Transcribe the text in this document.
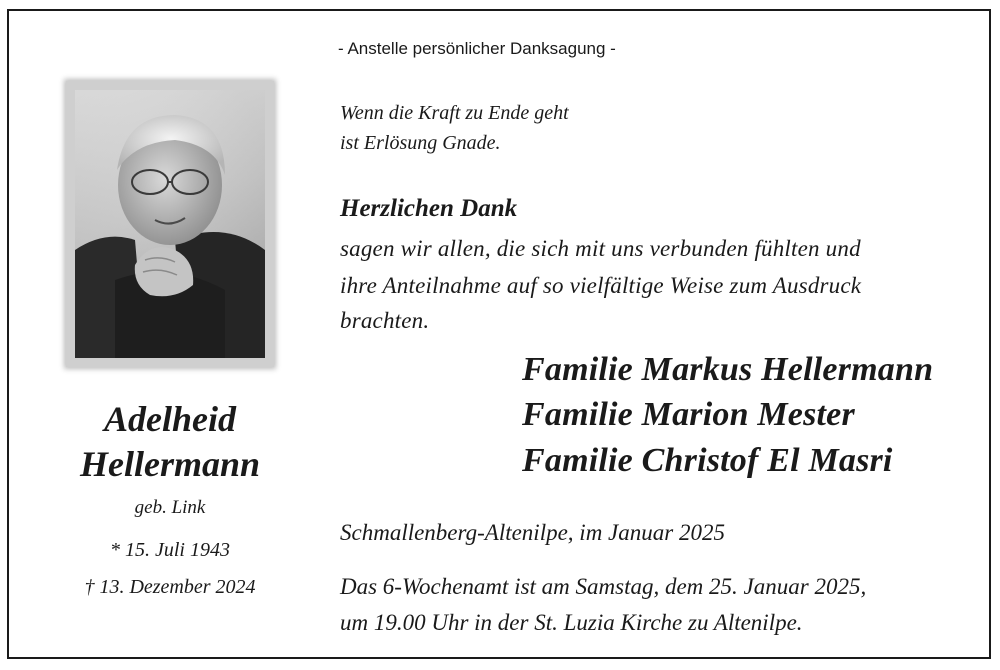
- Anstelle persönlicher Danksagung -
Wenn die Kraft zu Ende geht
ist Erlösung Gnade.
Herzlichen Dank
sagen wir allen, die sich mit uns verbunden fühlten und
ihre Anteilnahme auf so vielfältige Weise zum Ausdruck
brachten.
Familie Markus Hellermann
Familie Marion Mester
Familie Christof El Masri
Schmallenberg-Altenilpe, im Januar 2025
Das 6-Wochenamt ist am Samstag, dem 25. Januar 2025,
um 19.00 Uhr in der St. Luzia Kirche zu Altenilpe.
Adelheid
Hellermann
geb. Link
* 15. Juli 1943
† 13. Dezember 2024
